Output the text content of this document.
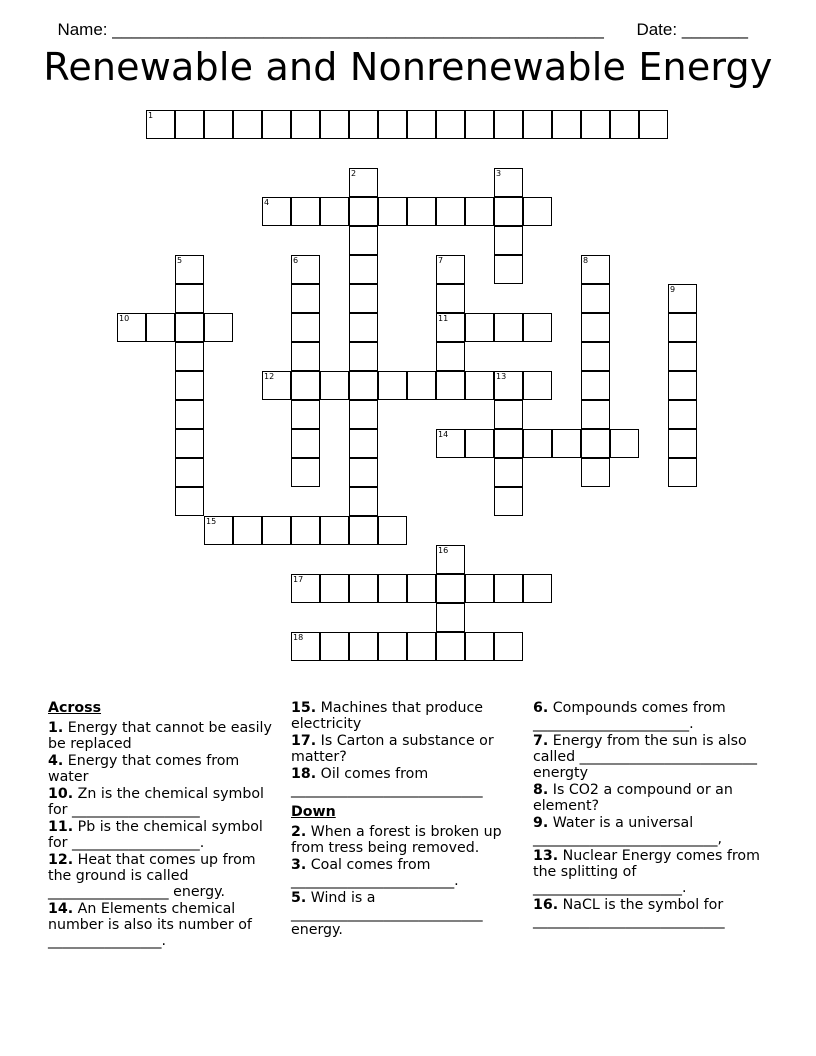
Name: ____________________________________________________	Date: _______

Renewable and Nonrenewable Energy
1
2	3
4
5	6	7
11
8
9
10
12	13
14
15
16
17
18
Across
1. Energy that cannot be easily be replaced
4. Energy that comes from water
10. Zn is the chemical symbol for __________________
11. Pb is the chemical symbol for __________________.
12. Heat that comes up from the ground is called _________________ energy.
14. An Elements chemical number is also its number of ________________.
15. Machines that produce electricity
17. Is Carton a substance or matter?
18. Oil comes from ___________________________
Down
2. When a forest is broken up from tress being removed.
3. Coal comes from _______________________.
5. Wind is a ___________________________ energy.
6. Compounds comes from ______________________.
7. Energy from the sun is also called _________________________ energty
8. Is CO2 a compound or an element?
9. Water is a universal __________________________,
13. Nuclear Energy comes from the splitting of _____________________.
16. NaCL is the symbol for ___________________________
